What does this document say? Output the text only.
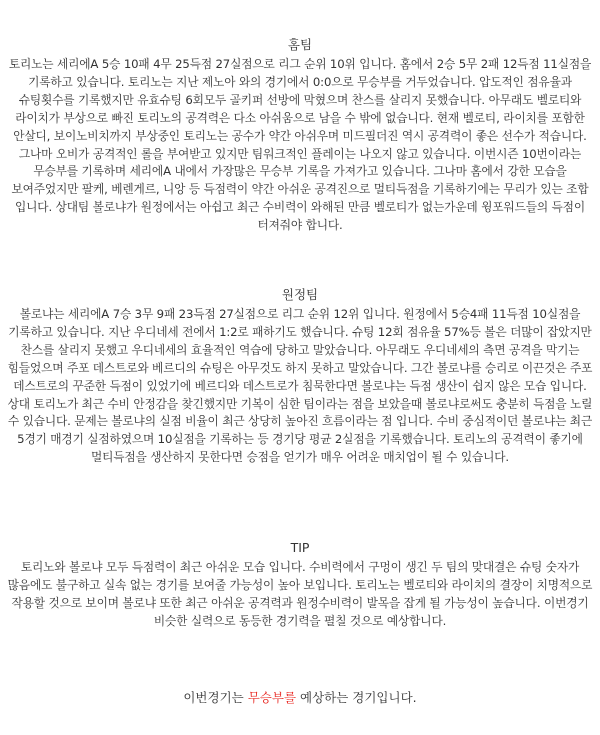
홈팀

토리노는 세리에A 5승 10패 4무 25득점 27실점으로 리그 순위 10위 입니다. 홈에서 2승 5무 2패 12득점 11실점을 기록하고 있습니다. 토리노는 지난 제노아 와의 경기에서 0:0으로 무승부를 거두었습니다. 압도적인 점유율과 슈팅횟수를 기록했지만 유효슈팅 6회모두 골키퍼 선방에 막혔으며 찬스를 살리지 못했습니다. 아무래도 벨로티와 라이치가 부상으로 빠진 토리노의 공격력은 다소 아쉬움으로 남을 수 밖에 없습니다. 현재 벨로티, 라이치를 포함한 안살디, 보이노비치까지 부상중인 토리노는 공수가 약간 아쉬우며 미드필더진 역시 공격력이 좋은 선수가 적습니다.그나마 오비가 공격적인 롤을 부여받고 있지만 팀워크적인 플레이는 나오지 않고 있습니다. 이번시즌 10번이라는 무승부를 기록하며 세리에A 내에서 가장많은 무승부 기록을 가져가고 있습니다. 그나마 홈에서 강한 모습을 보여주었지만 팔케, 베렌게르, 니앙 등 득점력이 약간 아쉬운 공격진으로 멀티득점을 기록하기에는 무리가 있는 조합 입니다. 상대팀 볼로냐가 원정에서는 아쉽고 최근 수비력이 와해된 만큼 벨로티가 없는가운데 윙포워드들의 득점이 터져줘야 합니다.

원정팀

볼로냐는 세리에A 7승 3무 9패 23득점 27실점으로 리그 순위 12위 입니다. 원정에서 5승4패 11득점 10실점을 기록하고 있습니다. 지난 우디네세 전에서 1:2로 패하기도 했습니다. 슈팅 12회 점유율 57%등 볼은 더많이 잡았지만 찬스를 살리지 못했고 우디네세의 효율적인 역습에 당하고 말았습니다. 아무래도 우디네세의 측면 공격을 막기는 힘들었으며 주포 데스트로와 베르디의 슈팅은 아무것도 하지 못하고 말았습니다. 그간 볼로냐를 승리로 이끈것은 주포 데스트로의 꾸준한 득점이 있었기에 베르디와 데스트로가 침묵한다면 볼로냐는 득점 생산이 쉽지 않은 모습 입니다. 상대 토리노가 최근 수비 안정감을 찾긴했지만 기복이 심한 팀이라는 점을 보았을때 볼로냐로써도 충분히 득점을 노릴 수 있습니다. 문제는 볼로냐의 실점 비율이 최근 상당히 높아진 흐름이라는 점 입니다. 수비 중심적이던 볼로냐는 최근 5경기 매경기 실점하였으며 10실점을 기록하는 등 경기당 평균 2실점을 기록했습니다. 토리노의 공격력이 좋기에 멀티득점을 생산하지 못한다면 승점을 얻기가 매우 어려운 매치업이 될 수 있습니다.

TIP

토리노와 볼로냐 모두 득점력이 최근 아쉬운 모습 입니다. 수비력에서 구멍이 생긴 두 팀의 맞대결은 슈팅 숫자가 많음에도 불구하고 실속 없는 경기를 보여줄 가능성이 높아 보입니다. 토리노는 벨로티와 라이치의 결장이 치명적으로 작용할 것으로 보이며 볼로냐 또한 최근 아쉬운 공격력과 원정수비력이 발목을 잡게 될 가능성이 높습니다. 이번경기 비슷한 실력으로 동등한 경기력을 펼칠 것으로 예상합니다.

이번경기는 무승부를 예상하는 경기입니다.
